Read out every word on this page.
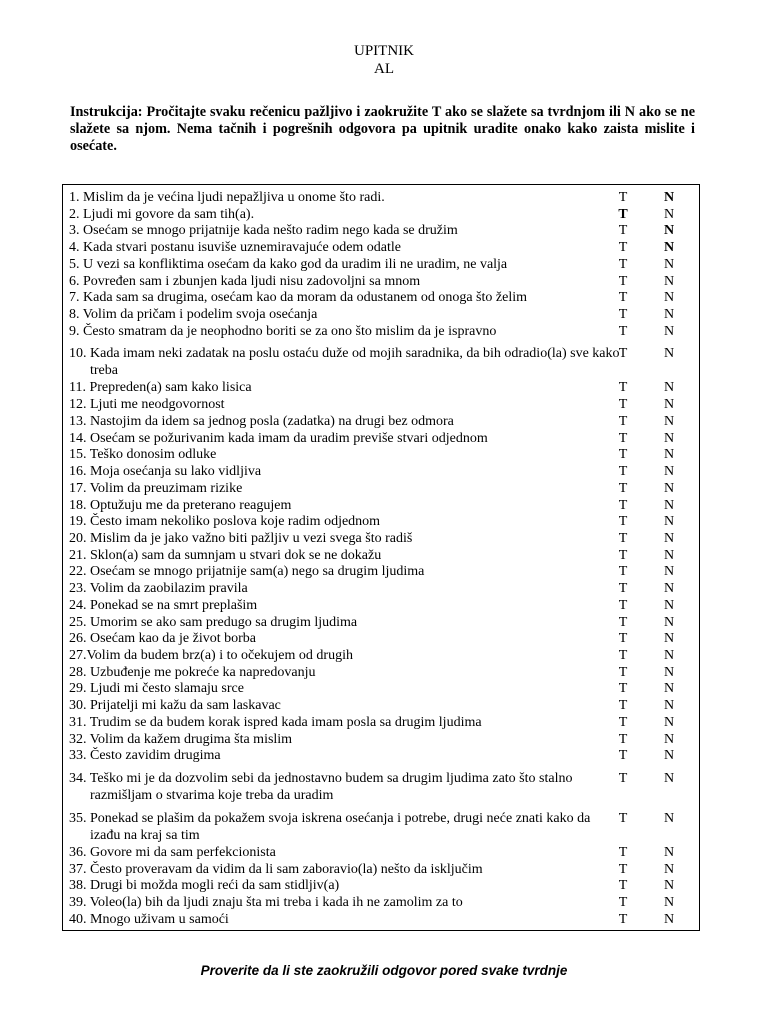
UPITNIK
AL
Instrukcija: Pročitajte svaku rečenicu pažljivo i zaokružite T ako se slažete sa tvrdnjom ili N ako se ne slažete sa njom. Nema tačnih i pogrešnih odgovora pa upitnik uradite onako kako zaista mislite i osećate.
1. Mislim da je većina ljudi nepažljiva u onome što radi.	T	N
2. Ljudi mi govore da sam tih(a).	T	N
3. Osećam se mnogo prijatnije kada nešto radim nego kada se družim	T	N
4. Kada stvari postanu isuviše uznemiravajuće odem odatle	T	N
5. U vezi sa konfliktima osećam da kako god da uradim ili ne uradim, ne valja	T	N
6. Povređen sam i zbunjen kada ljudi nisu zadovoljni sa mnom	T	N
7. Kada sam sa drugima, osećam kao da moram da odustanem od onoga što želim	T	N
8. Volim da pričam i podelim svoja osećanja	T	N
9. Često smatram da je neophodno boriti se za ono što mislim da je ispravno	T	N
10. Kada imam neki zadatak na poslu ostaću duže od mojih saradnika, da bih odradio(la) sve kako treba
T	N
11. Prepreden(a) sam kako lisica	T	N
12. Ljuti me neodgovornost	T	N
13. Nastojim da idem sa jednog posla (zadatka) na drugi bez odmora	T	N
14. Osećam se požurivanim kada imam da uradim previše stvari odjednom	T	N
15. Teško donosim odluke	T	N
16. Moja osećanja su lako vidljiva	T	N
17. Volim da preuzimam rizike	T	N
18. Optužuju me da preterano reagujem	T	N
19. Često imam nekoliko poslova koje radim odjednom	T	N
20. Mislim da je jako važno biti pažljiv u vezi svega što radiš	T	N
21. Sklon(a) sam da sumnjam u stvari dok se ne dokažu	T	N
22. Osećam se mnogo prijatnije sam(a) nego sa drugim ljudima	T	N
23. Volim da zaobilazim pravila	T	N
24. Ponekad se na smrt preplašim	T	N
25. Umorim se ako sam predugo sa drugim ljudima	T	N
26. Osećam kao da je život borba	T	N
27.Volim da budem brz(a) i to očekujem od drugih	T	N
28. Uzbuđenje me pokreće ka napredovanju	T	N
29. Ljudi mi često slamaju srce	T	N
30. Prijatelji mi kažu da sam laskavac	T	N
31. Trudim se da budem korak ispred kada imam posla sa drugim ljudima	T	N
32. Volim da kažem drugima šta mislim	T	N
33. Često zavidim drugima	T	N
34. Teško mi je da dozvolim sebi da jednostavno budem sa drugim ljudima zato što stalno razmišljam o stvarima koje treba da uradim
T	N
35. Ponekad se plašim da pokažem svoja iskrena osećanja i potrebe, drugi neće znati kako da izađu na kraj sa tim
T	N
36. Govore mi da sam perfekcionista	T	N
37. Često proveravam da vidim da li sam zaboravio(la) nešto da isključim	T	N
38. Drugi bi možda mogli reći da sam stidljiv(a)	T	N
39. Voleo(la) bih da ljudi znaju šta mi treba i kada ih ne zamolim za to	T	N
40. Mnogo uživam u samoći	T	N
Proverite da li ste zaokružili odgovor pored svake tvrdnje
